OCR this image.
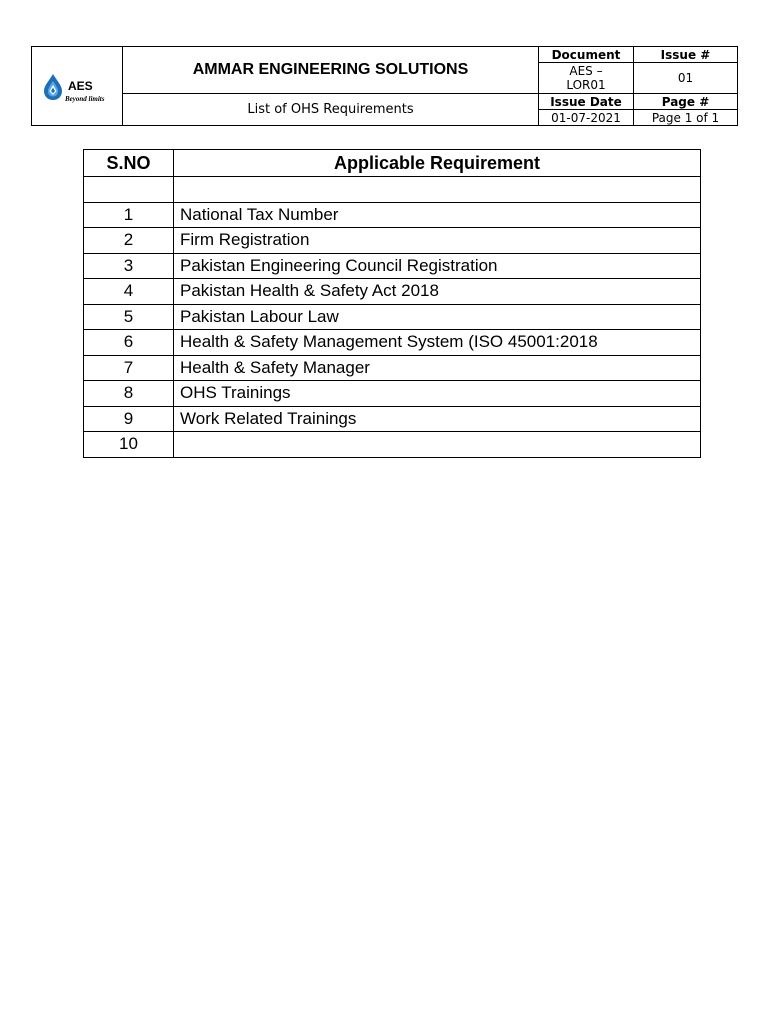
AES
Beyond limits
AMMAR ENGINEERING SOLUTIONS
List of OHS Requirements
Document	Issue #
AES –
LOR01	01
Issue Date	Page #
01-07-2021	Page 1 of 1
S.NO	Applicable Requirement

1	National Tax Number
2	Firm Registration
3	Pakistan Engineering Council Registration
4	Pakistan Health & Safety Act 2018
5	Pakistan Labour Law
6	Health & Safety Management System (ISO 45001:2018
7	Health & Safety Manager
8	OHS Trainings
9	Work Related Trainings
10	
